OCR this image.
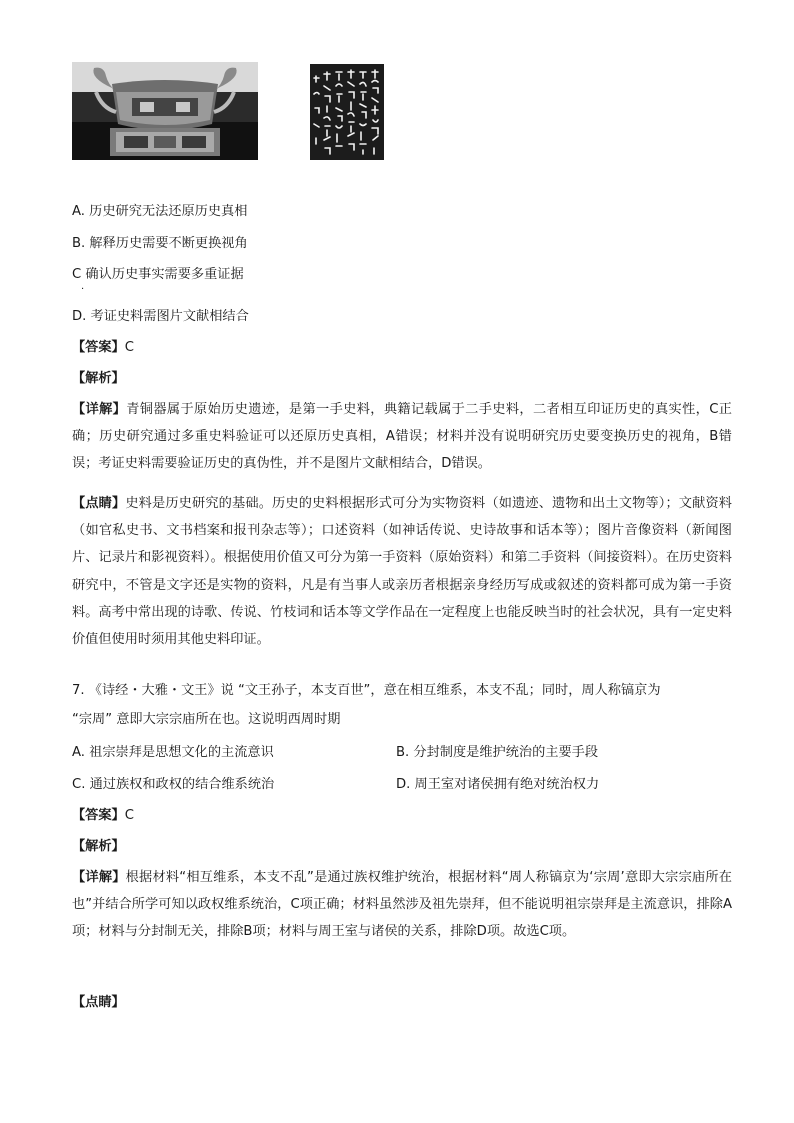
A. 历史研究无法还原历史真相
B. 解释历史需要不断更换视角
C 确认历史事实需要多重证据
·
D. 考证史料需图片文献相结合
【答案】C
【解析】
【详解】青铜器属于原始历史遗迹，是第一手史料，典籍记载属于二手史料，二者相互印证历史的真实性，C正确；历史研究通过多重史料验证可以还原历史真相，A错误；材料并没有说明研究历史要变换历史的视角，B错误；考证史料需要验证历史的真伪性，并不是图片文献相结合，D错误。
【点睛】史料是历史研究的基础。历史的史料根据形式可分为实物资料（如遗迹、遗物和出土文物等）；文献资料（如官私史书、文书档案和报刊杂志等）；口述资料（如神话传说、史诗故事和话本等）；图片音像资料（新闻图片、记录片和影视资料）。根据使用价值又可分为第一手资料（原始资料）和第二手资料（间接资料）。在历史资料研究中，不管是文字还是实物的资料，凡是有当事人或亲历者根据亲身经历写成或叙述的资料都可成为第一手资料。高考中常出现的诗歌、传说、竹枝词和话本等文学作品在一定程度上也能反映当时的社会状况，具有一定史料价值但使用时须用其他史料印证。
7. 《诗经・大雅・文王》说 “文王孙子，本支百世”，意在相互维系，本支不乱；同时，周人称镐京为
“宗周” 意即大宗宗庙所在也。这说明西周时期
A. 祖宗崇拜是思想文化的主流意识	B. 分封制度是维护统治的主要手段
C. 通过族权和政权的结合维系统治	D. 周王室对诸侯拥有绝对统治权力
【答案】C
【解析】
【详解】根据材料“相互维系，本支不乱”是通过族权维护统治，根据材料“周人称镐京为‘宗周’意即大宗宗庙所在也”并结合所学可知以政权维系统治，C项正确；材料虽然涉及祖先崇拜，但不能说明祖宗崇拜是主流意识，排除A项；材料与分封制无关，排除B项；材料与周王室与诸侯的关系，排除D项。故选C项。
【点睛】
